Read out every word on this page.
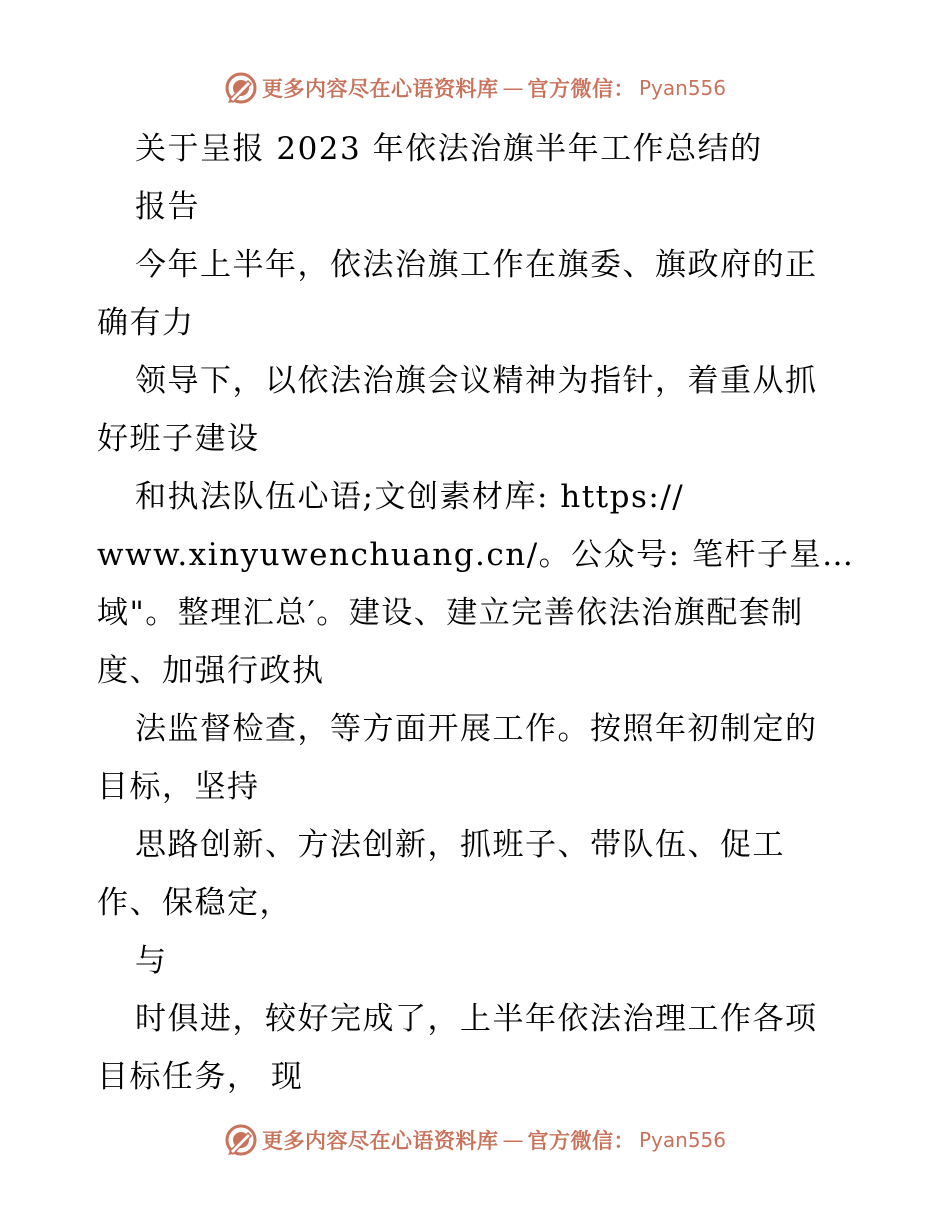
更多内容尽在心语资料库 — 官方微信： Pyan556
关于呈报 2023 年依法治旗半年工作总结的
报告
今年上半年，依法治旗工作在旗委、旗政府的正
确有力
领导下，以依法治旗会议精神为指针，着重从抓
好班子建设
和执法队伍心语;文创素材库: https://
www.xinyuwenchuang.cn/。公众号: 笔杆子星…
域"。整理汇总′。建设、建立完善依法治旗配套制
度、加强行政执
法监督检查，等方面开展工作。按照年初制定的
目标，坚持
思路创新、方法创新，抓班子、带队伍、促工
作、保稳定，
与
时俱进，较好完成了，上半年依法治理工作各项
目标任务， 现
更多内容尽在心语资料库 — 官方微信： Pyan556
